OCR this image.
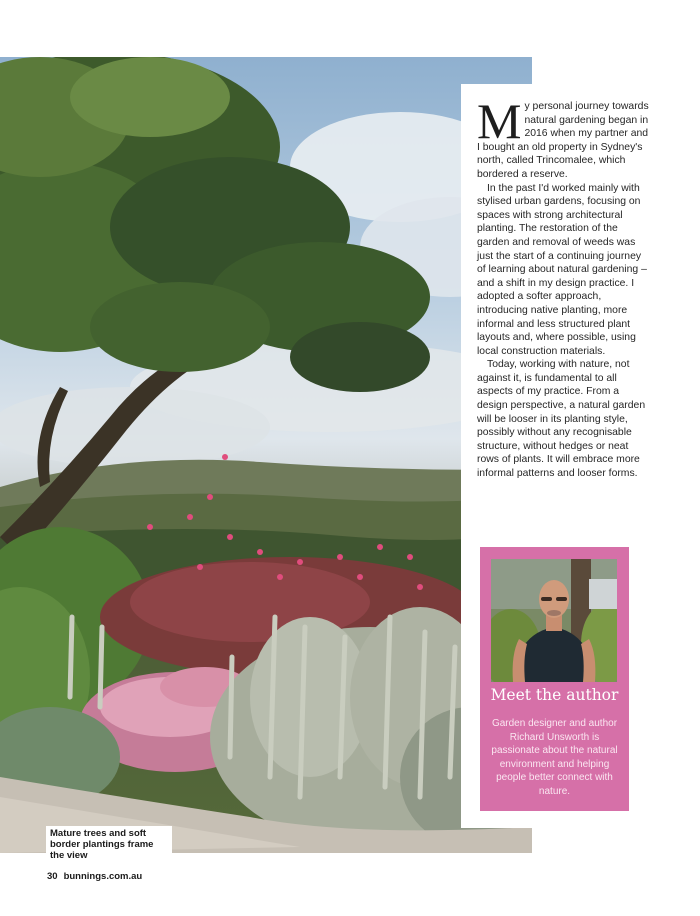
Mature trees and soft border plantings frame the view

My personal journey towards natural gardening began in 2016 when my partner and I bought an old property in Sydney's north, called Trincomalee, which bordered a reserve.

In the past I'd worked mainly with stylised urban gardens, focusing on spaces with strong architectural planting. The restoration of the garden and removal of weeds was just the start of a continuing journey of learning about natural gardening – and a shift in my design practice. I adopted a softer approach, introducing native planting, more informal and less structured plant layouts and, where possible, using local construction materials.

Today, working with nature, not against it, is fundamental to all aspects of my practice. From a design perspective, a natural garden will be looser in its planting style, possibly without any recognisable structure, without hedges or neat rows of plants. It will embrace more informal patterns and looser forms.

Meet the author
Garden designer and author Richard Unsworth is passionate about the natural environment and helping people better connect with nature.
30 bunnings.com.au
